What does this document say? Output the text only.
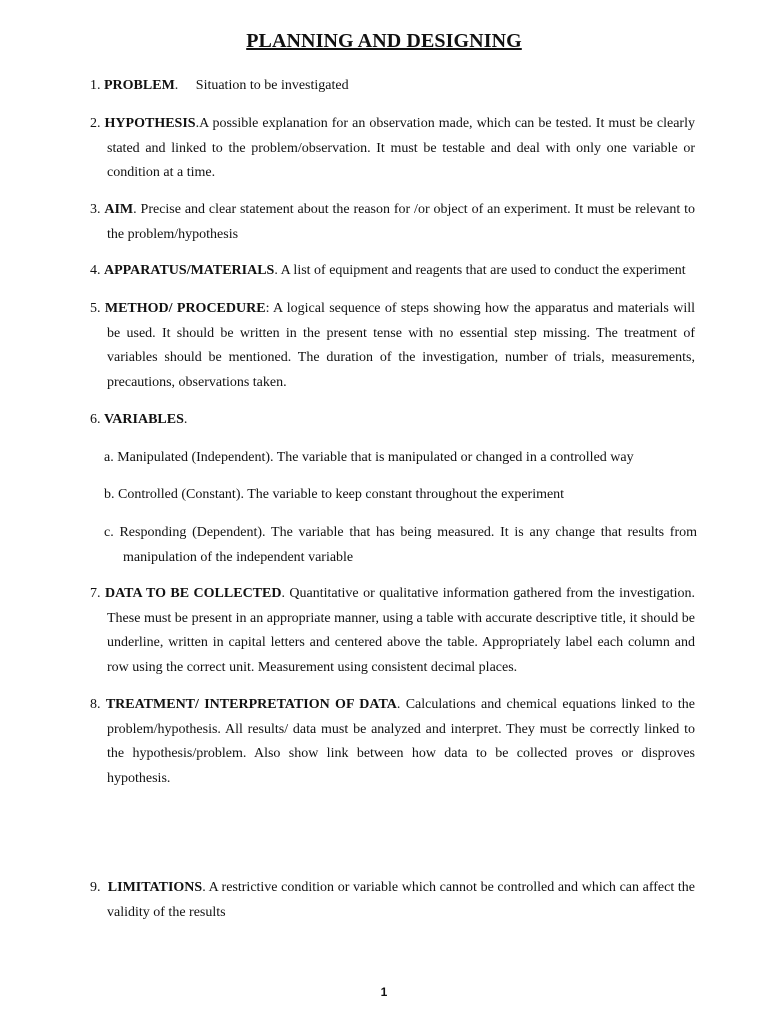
PLANNING AND DESIGNING
1. PROBLEM.     Situation to be investigated
2. HYPOTHESIS.A possible explanation for an observation made, which can be tested. It must be clearly stated and linked to the problem/observation. It must be testable and deal with only one variable or condition at a time.
3. AIM. Precise and clear statement about the reason for /or object of an experiment. It must be relevant to the problem/hypothesis
4. APPARATUS/MATERIALS. A list of equipment and reagents that are used to conduct the experiment
5. METHOD/ PROCEDURE: A logical sequence of steps showing how the apparatus and materials will be used. It should be written in the present tense with no essential step missing. The treatment of variables should be mentioned. The duration of the investigation, number of trials, measurements, precautions, observations taken.
6. VARIABLES.
a. Manipulated (Independent). The variable that is manipulated or changed in a controlled way
b. Controlled (Constant). The variable to keep constant throughout the experiment
c. Responding (Dependent). The variable that has being measured. It is any change that results from manipulation of the independent variable
7. DATA TO BE COLLECTED. Quantitative or qualitative information gathered from the investigation. These must be present in an appropriate manner, using a table with accurate descriptive title, it should be underline, written in capital letters and centered above the table. Appropriately label each column and row using the correct unit. Measurement using consistent decimal places.
8. TREATMENT/ INTERPRETATION OF DATA. Calculations and chemical equations linked to the problem/hypothesis. All results/ data must be analyzed and interpret. They must be correctly linked to the hypothesis/problem. Also show link between how data to be collected proves or disproves hypothesis.
9.  LIMITATIONS. A restrictive condition or variable which cannot be controlled and which can affect the validity of the results
1
